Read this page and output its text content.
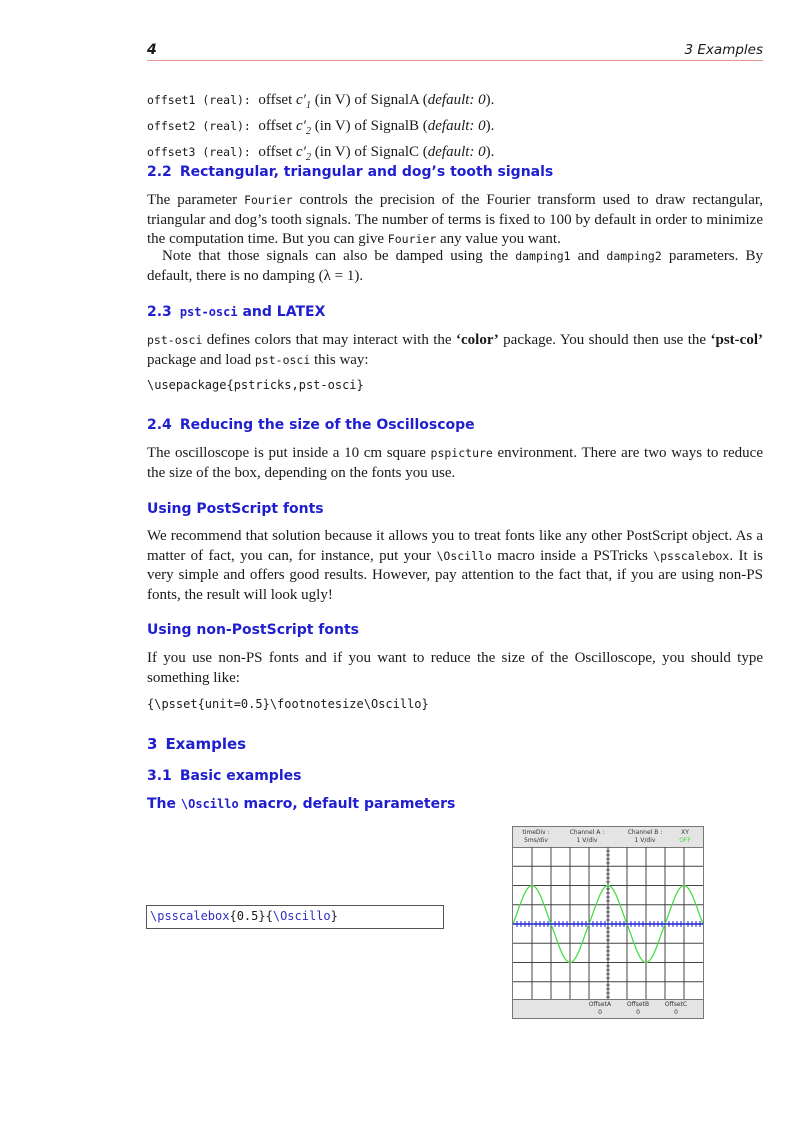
4	3 Examples
offset1 (real): offset $c'_1$ (in V) of SignalA (default: 0).
offset2 (real): offset $c'_2$ (in V) of SignalB (default: 0).
offset3 (real): offset $c'_2$ (in V) of SignalC (default: 0).
2.2 Rectangular, triangular and dog’s tooth signals
The parameter Fourier controls the precision of the Fourier transform used to draw rectangular, triangular and dog’s tooth signals. The number of terms is fixed to 100 by default in order to minimize the computation time. But you can give Fourier any value you want.
Note that those signals can also be damped using the damping1 and damping2 parameters. By default, there is no damping (λ = 1).
2.3 pst-osci and LATEX
pst-osci defines colors that may interact with the ‘color’ package. You should then use the ‘pst-col’ package and load pst-osci this way:
\usepackage{pstricks,pst-osci}
2.4 Reducing the size of the Oscilloscope
The oscilloscope is put inside a 10 cm square pspicture environment. There are two ways to reduce the size of the box, depending on the fonts you use.
Using PostScript fonts
We recommend that solution because it allows you to treat fonts like any other PostScript object. As a matter of fact, you can, for instance, put your \Oscillo macro inside a PSTricks \psscalebox. It is very simple and offers good results. However, pay attention to the fact that, if you are using non-PS fonts, the result will look ugly!
Using non-PostScript fonts
If you use non-PS fonts and if you want to reduce the size of the Oscilloscope, you should type something like:
{\psset{unit=0.5}\footnotesize\Oscillo}
3 Examples
3.1 Basic examples
The \Oscillo macro, default parameters
\psscalebox{0.5}{\Oscillo}
timeDiv :
5ms/div
Channel A :
1 V/div
Channel B :
1 V/div
XY
OFF
OffsetA
0
OffsetB
0
OffsetC
0
